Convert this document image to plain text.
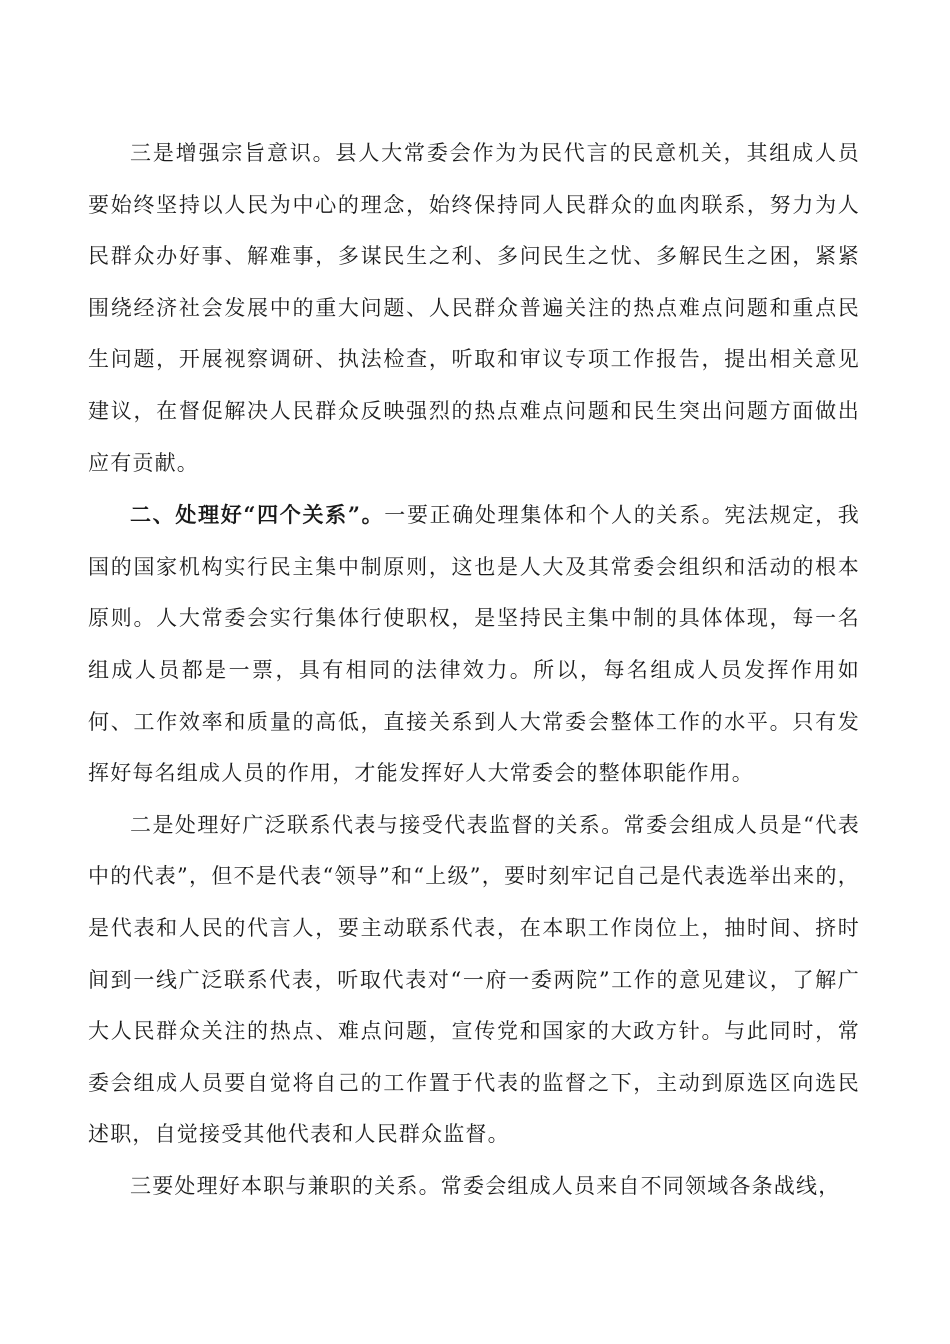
三是增强宗旨意识。县人大常委会作为为民代言的民意机关，其组成人员要始终坚持以人民为中心的理念，始终保持同人民群众的血肉联系，努力为人民群众办好事、解难事，多谋民生之利、多问民生之忧、多解民生之困，紧紧围绕经济社会发展中的重大问题、人民群众普遍关注的热点难点问题和重点民生问题，开展视察调研、执法检查，听取和审议专项工作报告，提出相关意见建议，在督促解决人民群众反映强烈的热点难点问题和民生突出问题方面做出应有贡献。

二、处理好“四个关系”。一要正确处理集体和个人的关系。宪法规定，我国的国家机构实行民主集中制原则，这也是人大及其常委会组织和活动的根本原则。人大常委会实行集体行使职权，是坚持民主集中制的具体体现，每一名组成人员都是一票，具有相同的法律效力。所以，每名组成人员发挥作用如何、工作效率和质量的高低，直接关系到人大常委会整体工作的水平。只有发挥好每名组成人员的作用，才能发挥好人大常委会的整体职能作用。

二是处理好广泛联系代表与接受代表监督的关系。常委会组成人员是“代表中的代表”，但不是代表“领导”和“上级”，要时刻牢记自己是代表选举出来的，是代表和人民的代言人，要主动联系代表，在本职工作岗位上，抽时间、挤时间到一线广泛联系代表，听取代表对“一府一委两院”工作的意见建议，了解广大人民群众关注的热点、难点问题，宣传党和国家的大政方针。与此同时，常委会组成人员要自觉将自己的工作置于代表的监督之下，主动到原选区向选民述职，自觉接受其他代表和人民群众监督。

三要处理好本职与兼职的关系。常委会组成人员来自不同领域各条战线，
